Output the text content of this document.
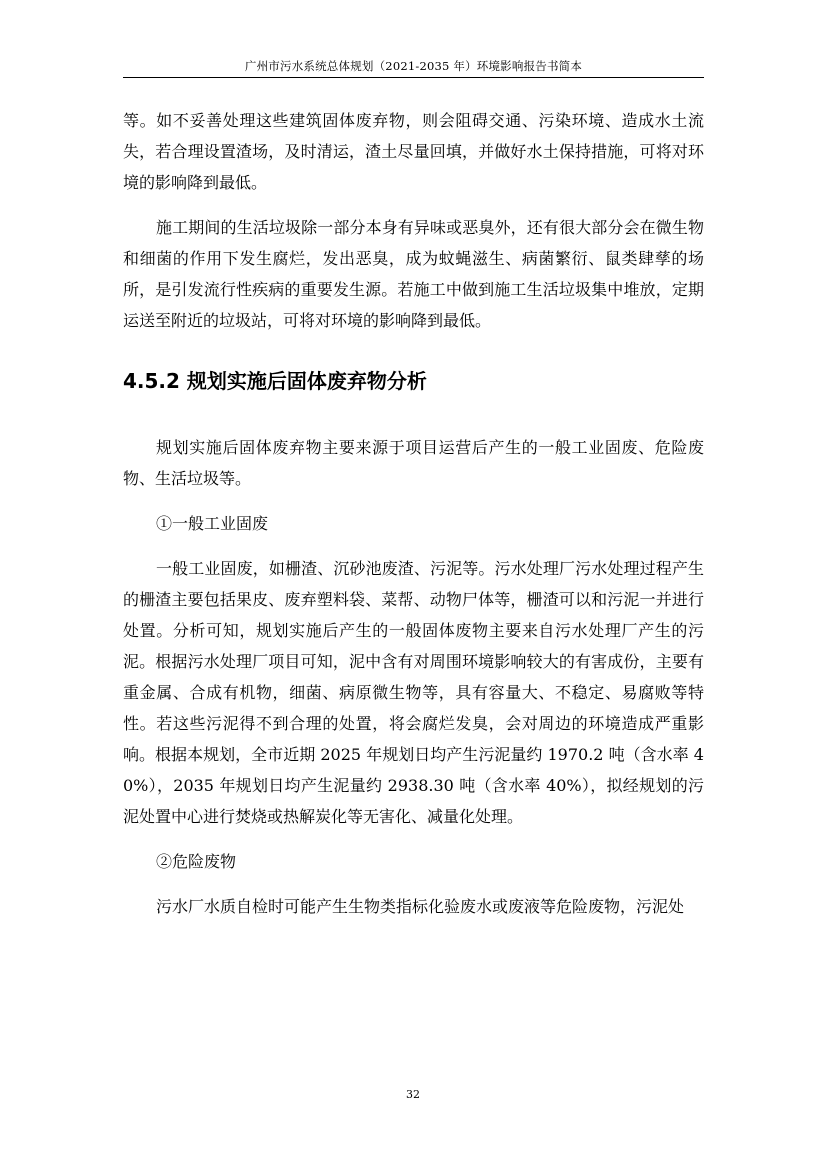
广州市污水系统总体规划（2021-2035 年）环境影响报告书简本

等。如不妥善处理这些建筑固体废弃物，则会阻碍交通、污染环境、造成水土流失，若合理设置渣场，及时清运，渣土尽量回填，并做好水土保持措施，可将对环境的影响降到最低。

施工期间的生活垃圾除一部分本身有异味或恶臭外，还有很大部分会在微生物和细菌的作用下发生腐烂，发出恶臭，成为蚊蝇滋生、病菌繁衍、鼠类肆孳的场所，是引发流行性疾病的重要发生源。若施工中做到施工生活垃圾集中堆放，定期运送至附近的垃圾站，可将对环境的影响降到最低。

4.5.2 规划实施后固体废弃物分析

规划实施后固体废弃物主要来源于项目运营后产生的一般工业固废、危险废物、生活垃圾等。

①一般工业固废

一般工业固废，如栅渣、沉砂池废渣、污泥等。污水处理厂污水处理过程产生的栅渣主要包括果皮、废弃塑料袋、菜帮、动物尸体等，栅渣可以和污泥一并进行处置。分析可知，规划实施后产生的一般固体废物主要来自污水处理厂产生的污泥。根据污水处理厂项目可知，泥中含有对周围环境影响较大的有害成份，主要有重金属、合成有机物，细菌、病原微生物等，具有容量大、不稳定、易腐败等特性。若这些污泥得不到合理的处置，将会腐烂发臭，会对周边的环境造成严重影响。根据本规划，全市近期 2025 年规划日均产生污泥量约 1970.2 吨（含水率 40%），2035 年规划日均产生泥量约 2938.30 吨（含水率 40%），拟经规划的污泥处置中心进行焚烧或热解炭化等无害化、减量化处理。

②危险废物

污水厂水质自检时可能产生生物类指标化验废水或废液等危险废物，污泥处

32
